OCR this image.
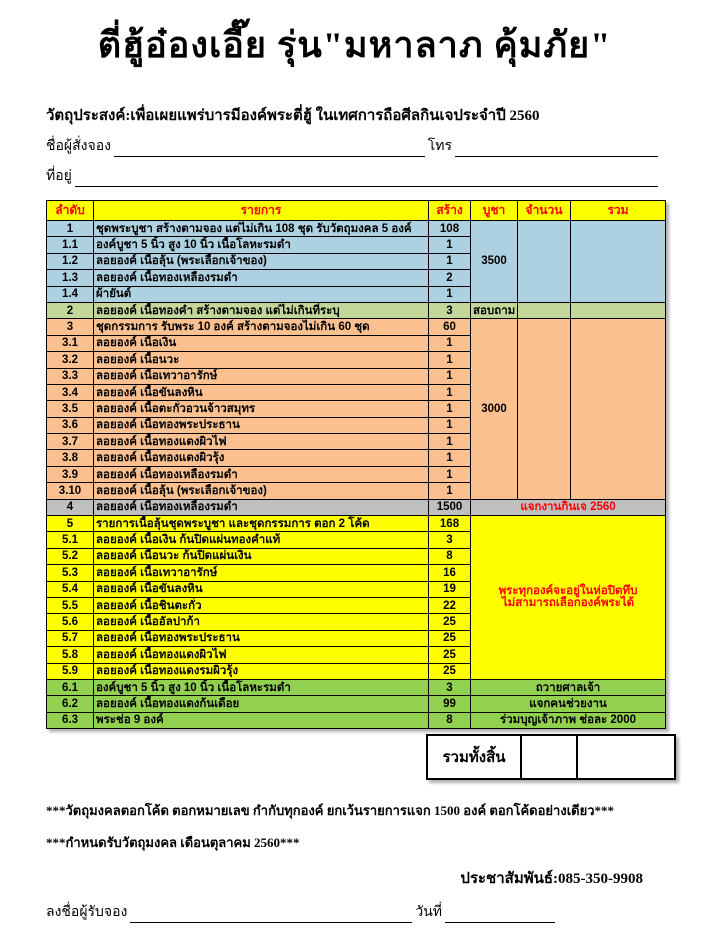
ตี่ฮู้อ๋องเอี๊ย รุ่น"มหาลาภ คุ้มภัย"
วัตถุประสงค์:เพื่อเผยแพร่บารมีองค์พระตี่ฮู้ ในเทศการถือศีลกินเจประจำปี 2560
ชื่อผู้สั่งจอง	โทร
ที่อยู่
ลำดับ	รายการ	สร้าง	บูชา	จำนวน	รวม
1	ชุดพระบูชา สร้างตามจอง แต่ไม่เกิน 108 ชุด รับวัตถุมงคล 5 องค์	108	3500		
1.1	องค์บูชา 5 นิ้ว สูง 10 นิ้ว เนื้อโลหะรมดำ	1			
1.2	ลอยองค์ เนื้อลุ้น (พระเลือกเจ้าของ)	1			
1.3	ลอยองค์ เนื้อทองเหลืองรมดำ	2			
1.4	ผ้ายันต์	1			
2	ลอยองค์ เนื้อทองคำ สร้างตามจอง แต่ไม่เกินที่ระบุ	3	สอบถาม		
3	ชุดกรรมการ รับพระ 10 องค์ สร้างตามจองไม่เกิน 60 ชุด	60	3000		
3.1	ลอยองค์ เนื้อเงิน	1			
3.2	ลอยองค์ เนื้อนวะ	1			
3.3	ลอยองค์ เนื้อเทวาอารักษ์	1			
3.4	ลอยองค์ เนื้อขันลงหิน	1			
3.5	ลอยองค์ เนื้อตะกั่วอวนจ้าวสมุทร	1			
3.6	ลอยองค์ เนื้อทองพระประธาน	1			
3.7	ลอยองค์ เนื้อทองแดงผิวไฟ	1			
3.8	ลอยองค์ เนื้อทองแดงผิวรุ้ง	1			
3.9	ลอยองค์ เนื้อทองเหลืองรมดำ	1			
3.10	ลอยองค์ เนื้อลุ้น (พระเลือกเจ้าของ)	1			
4	ลอยองค์ เนื้อทองเหลืองรมดำ	1500	แจกงานกินเจ 2560		
5	รายการเนื้อลุ้นชุดพระบูชา และชุดกรรมการ ตอก 2 โค้ด	168	พระทุกองค์จะอยู่ในห่อปิดทึบ
ไม่สามารถเลือกองค์พระได้		

5.1	ลอยองค์ เนื้อเงิน ก้นปิดแผ่นทองคำแท้	3			
5.2	ลอยองค์ เนื้อนวะ ก้นปิดแผ่นเงิน	8			
5.3	ลอยองค์ เนื้อเทวาอารักษ์	16			
5.4	ลอยองค์ เนื้อขันลงหิน	19			
5.5	ลอยองค์ เนื้อชินตะกั่ว	22			
5.6	ลอยองค์ เนื้ออัลปาก้า	25			
5.7	ลอยองค์ เนื้อทองพระประธาน	25			
5.8	ลอยองค์ เนื้อทองแดงผิวไฟ	25			
5.9	ลอยองค์ เนื้อทองแดงรมผิวรุ้ง	25			
6.1	องค์บูชา 5 นิ้ว สูง 10 นิ้ว เนื้อโลหะรมดำ	3	ถวายศาลเจ้า		
6.2	ลอยองค์ เนื้อทองแดงก้นเดือย	99	แจกคนช่วยงาน		
6.3	พระช่อ 9 องค์	8	ร่วมบุญเจ้าภาพ ช่อละ 2000		
รวมทั้งสิ้น		
***วัตถุมงคลตอกโค้ด ตอกหมายเลข กำกับทุกองค์ ยกเว้นรายการแจก 1500 องค์ ตอกโค้ดอย่างเดียว***
***กำหนดรับวัตถุมงคล เดือนตุลาคม 2560***
ประชาสัมพันธ์:085-350-9908
ลงชื่อผู้รับจอง	วันที่
